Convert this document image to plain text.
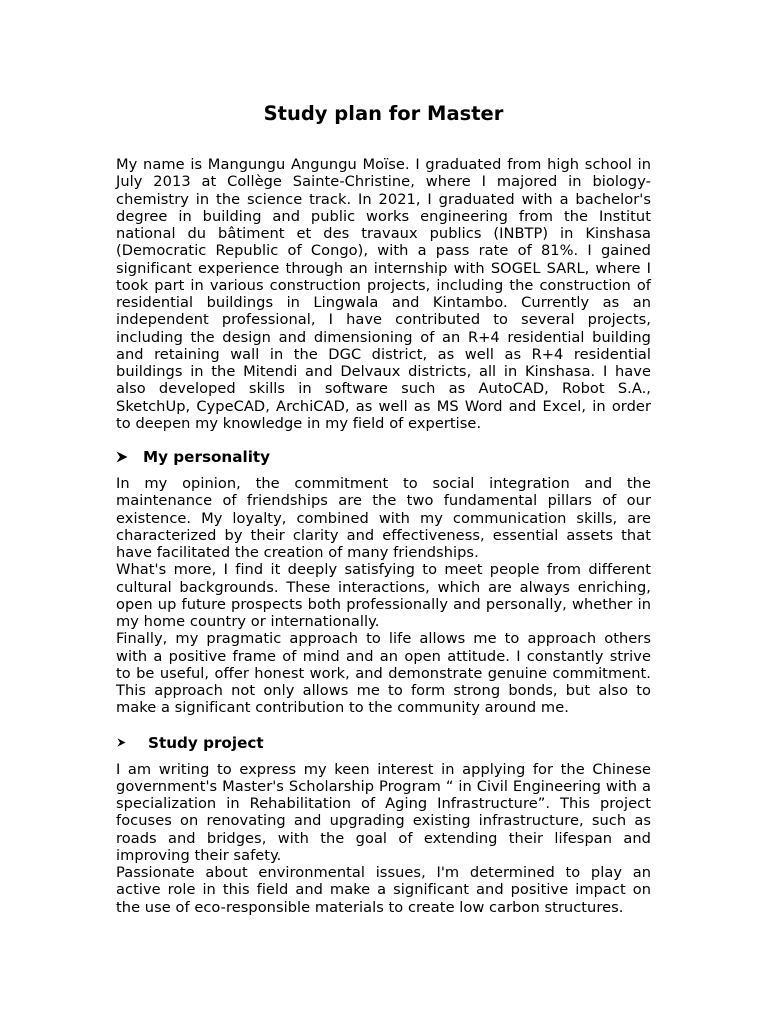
Study plan for Master

My name is Mangungu Angungu Moïse. I graduated from high school in July 2013 at Collège Sainte-Christine, where I majored in biology-chemistry in the science track. In 2021, I graduated with a bachelor's degree in building and public works engineering from the Institut national du bâtiment et des travaux publics (INBTP) in Kinshasa (Democratic Republic of Congo), with a pass rate of 81%. I gained significant experience through an internship with SOGEL SARL, where I took part in various construction projects, including the construction of residential buildings in Lingwala and Kintambo. Currently as an independent professional, I have contributed to several projects, including the design and dimensioning of an R+4 residential building and retaining wall in the DGC district, as well as R+4 residential buildings in the Mitendi and Delvaux districts, all in Kinshasa. I have also developed skills in software such as AutoCAD, Robot S.A., SketchUp, CypeCAD, ArchiCAD, as well as MS Word and Excel, in order to deepen my knowledge in my field of expertise.

My personality

In my opinion, the commitment to social integration and the maintenance of friendships are the two fundamental pillars of our existence. My loyalty, combined with my communication skills, are characterized by their clarity and effectiveness, essential assets that have facilitated the creation of many friendships.

What's more, I find it deeply satisfying to meet people from different cultural backgrounds. These interactions, which are always enriching, open up future prospects both professionally and personally, whether in my home country or internationally.

Finally, my pragmatic approach to life allows me to approach others with a positive frame of mind and an open attitude. I constantly strive to be useful, offer honest work, and demonstrate genuine commitment. This approach not only allows me to form strong bonds, but also to make a significant contribution to the community around me.

Study project

I am writing to express my keen interest in applying for the Chinese government's Master's Scholarship Program “ in Civil Engineering with a specialization in Rehabilitation of Aging Infrastructure”. This project focuses on renovating and upgrading existing infrastructure, such as roads and bridges, with the goal of extending their lifespan and improving their safety.

Passionate about environmental issues, I'm determined to play an active role in this field and make a significant and positive impact on the use of eco-responsible materials to create low carbon structures.
